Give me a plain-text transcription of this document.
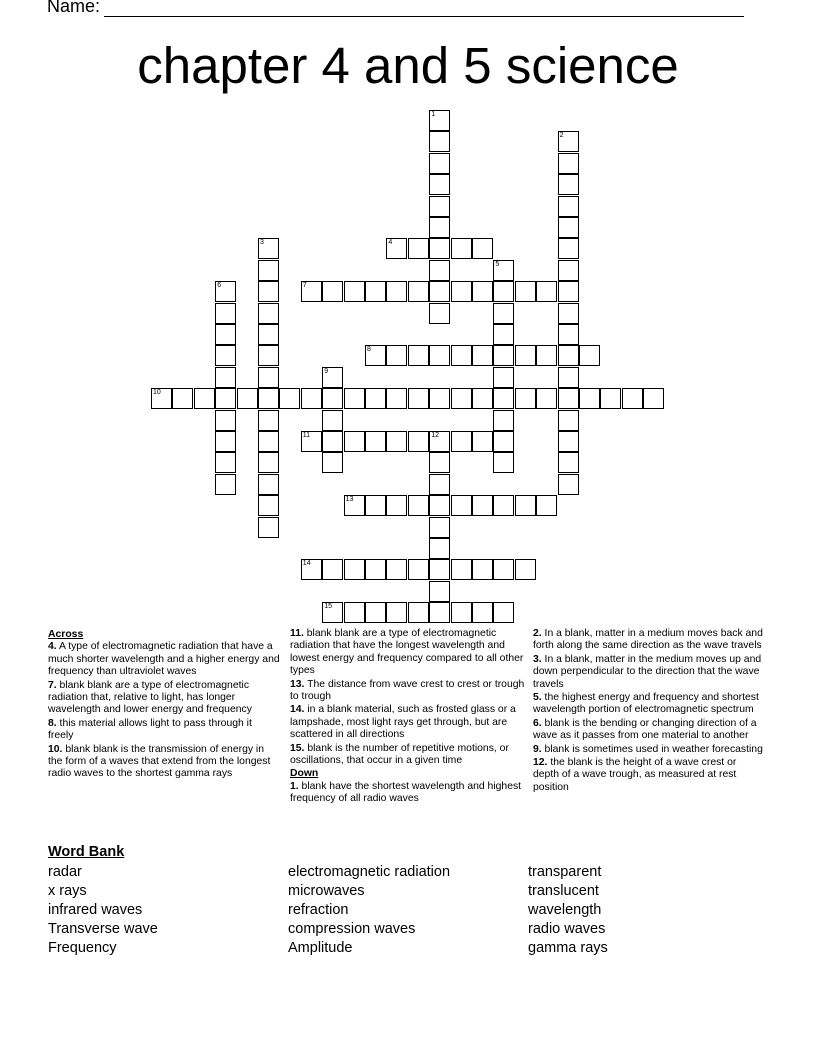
Name:
chapter 4 and 5 science
1
2
3	4
5
6	7
8
9
10
11	12
13
14
15
Across
4. A type of electromagnetic radiation that have a much shorter wavelength and a higher energy and frequency than ultraviolet waves
7. blank blank are a type of electromagnetic radiation that, relative to light, has longer wavelength and lower energy and frequency
8. this material allows light to pass through it freely
10. blank blank is the transmission of energy in the form of a waves that extend from the longest radio waves to the shortest gamma rays
11. blank blank are a type of electromagnetic radiation that have the longest wavelength and lowest energy and frequency compared to all other types
13. The distance from wave crest to crest or trough to trough
14. in a blank material, such as frosted glass or a lampshade, most light rays get through, but are scattered in all directions
15. blank is the number of repetitive motions, or oscillations, that occur in a given time
Down
1. blank have the shortest wavelength and highest frequency of all radio waves
2. In a blank, matter in a medium moves back and forth along the same direction as the wave travels
3. In a blank, matter in the medium moves up and down perpendicular to the direction that the wave travels
5. the highest energy and frequency and shortest wavelength portion of electromagnetic spectrum
6. blank is the bending or changing direction of a wave as it passes from one material to another
9. blank is sometimes used in weather forecasting
12. the blank is the height of a wave crest or depth of a wave trough, as measured at rest position
Word Bank
radar
x rays
infrared waves
Transverse wave
Frequency
electromagnetic radiation
microwaves
refraction
compression waves
Amplitude
transparent
translucent
wavelength
radio waves
gamma rays
